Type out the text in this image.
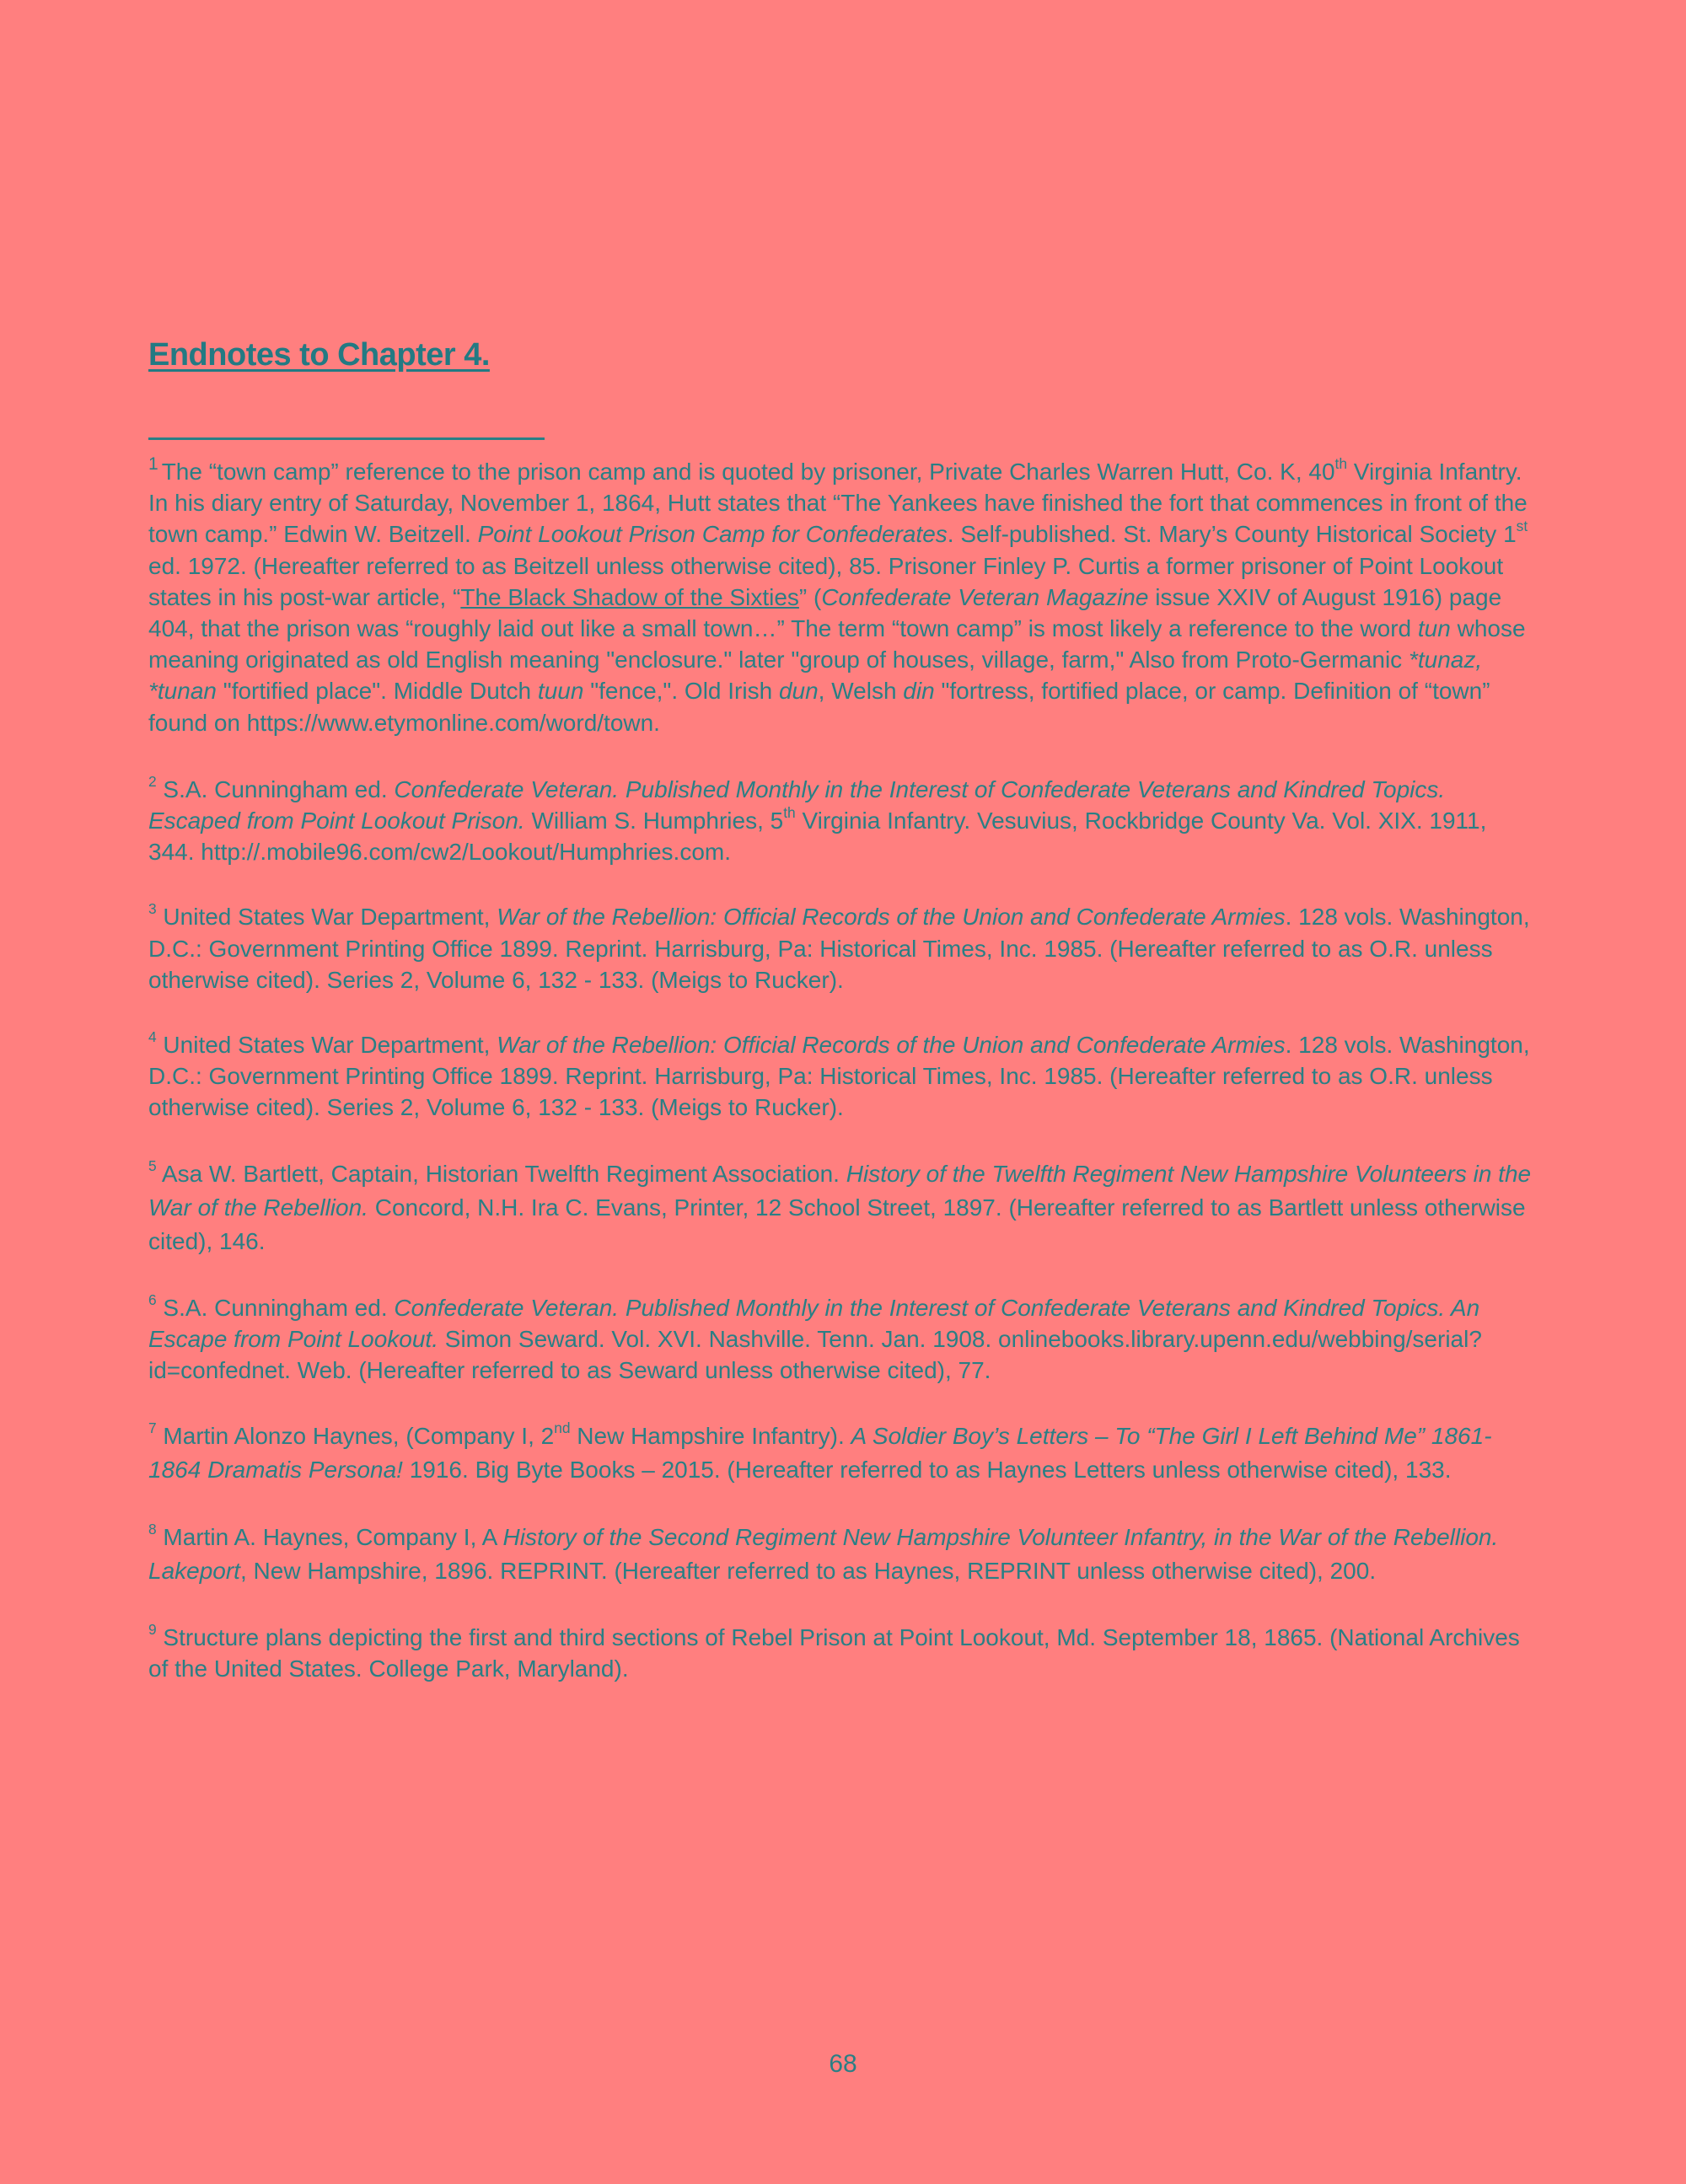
Endnotes to Chapter 4.

$^1$ The “town camp” reference to the prison camp and is quoted by prisoner, Private Charles Warren Hutt, Co. K, 40th Virginia Infantry. In his diary entry of Saturday, November 1, 1864, Hutt states that “The Yankees have finished the fort that commences in front of the town camp.” Edwin W. Beitzell. Point Lookout Prison Camp for Confederates. Self-published. St. Mary’s County Historical Society 1st ed. 1972. (Hereafter referred to as Beitzell unless otherwise cited), 85. Prisoner Finley P. Curtis a former prisoner of Point Lookout states in his post-war article, “The Black Shadow of the Sixties” (Confederate Veteran Magazine issue XXIV of August 1916) page 404, that the prison was “roughly laid out like a small town…” The term “town camp” is most likely a reference to the word tun whose meaning originated as old English meaning "enclosure." later "group of houses, village, farm," Also from Proto-Germanic *tunaz, *tunan "fortified place". Middle Dutch tuun "fence,". Old Irish dun, Welsh din "fortress, fortified place, or camp. Definition of “town” found on https://www.etymonline.com/word/town.

$^2$ S.A. Cunningham ed. Confederate Veteran. Published Monthly in the Interest of Confederate Veterans and Kindred Topics. Escaped from Point Lookout Prison. William S. Humphries, 5th Virginia Infantry. Vesuvius, Rockbridge County Va. Vol. XIX. 1911, 344. http://.mobile96.com/cw2/Lookout/Humphries.com.

$^3$ United States War Department, War of the Rebellion: Official Records of the Union and Confederate Armies. 128 vols. Washington, D.C.: Government Printing Office 1899. Reprint. Harrisburg, Pa: Historical Times, Inc. 1985. (Hereafter referred to as O.R. unless otherwise cited). Series 2, Volume 6, 132 - 133. (Meigs to Rucker).

$^4$ United States War Department, War of the Rebellion: Official Records of the Union and Confederate Armies. 128 vols. Washington, D.C.: Government Printing Office 1899. Reprint. Harrisburg, Pa: Historical Times, Inc. 1985. (Hereafter referred to as O.R. unless otherwise cited). Series 2, Volume 6, 132 - 133. (Meigs to Rucker).

$^5$ Asa W. Bartlett, Captain, Historian Twelfth Regiment Association. History of the Twelfth Regiment New Hampshire Volunteers in the War of the Rebellion. Concord, N.H. Ira C. Evans, Printer, 12 School Street, 1897. (Hereafter referred to as Bartlett unless otherwise cited), 146.

$^6$ S.A. Cunningham ed. Confederate Veteran. Published Monthly in the Interest of Confederate Veterans and Kindred Topics. An Escape from Point Lookout. Simon Seward. Vol. XVI. Nashville. Tenn. Jan. 1908. onlinebooks.library.upenn.edu/webbing/serial?id=confednet. Web. (Hereafter referred to as Seward unless otherwise cited), 77.

$^7$ Martin Alonzo Haynes, (Company I, 2nd New Hampshire Infantry). A Soldier Boy’s Letters – To “The Girl I Left Behind Me” 1861-1864 Dramatis Persona! 1916. Big Byte Books – 2015. (Hereafter referred to as Haynes Letters unless otherwise cited), 133.

$^8$ Martin A. Haynes, Company I, A History of the Second Regiment New Hampshire Volunteer Infantry, in the War of the Rebellion. Lakeport, New Hampshire, 1896. REPRINT. (Hereafter referred to as Haynes, REPRINT unless otherwise cited), 200.

$^9$ Structure plans depicting the first and third sections of Rebel Prison at Point Lookout, Md. September 18, 1865. (National Archives of the United States. College Park, Maryland).

68
